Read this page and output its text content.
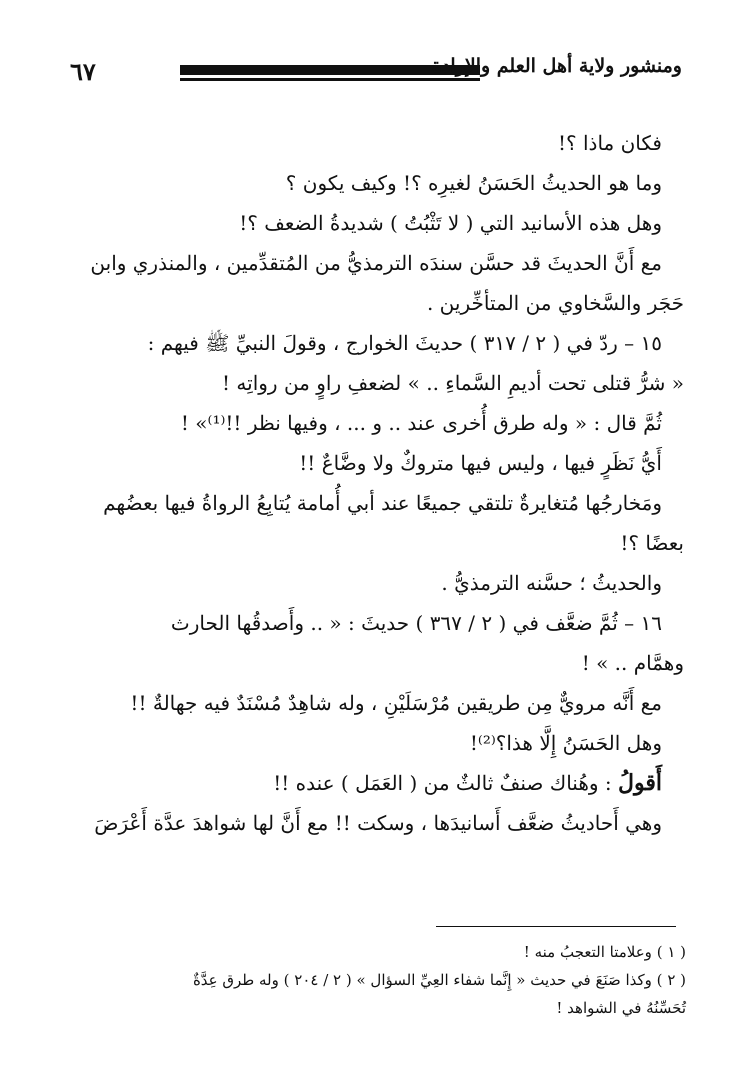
٦٧	ومنشور ولاية أهل العلم والإرادة
فكان ماذا ؟!
وما هو الحديثُ الحَسَنُ لغيرِه ؟! وكيف يكون ؟
وهل هذه الأسانيد التي ( لا تَثْبُتُ ) شديدةُ الضعف ؟!
مع أَنَّ الحديثَ قد حسَّن سندَه الترمذيُّ من المُتقدِّمين ، والمنذري وابن
حَجَر والسَّخاوي من المتأخِّرين .
١٥ – ردّ في ( ٢ / ٣١٧ ) حديثَ الخوارج ، وقولَ النبيِّ ﷺ فيهم :
« شرُّ قتلى تحت أديمِ السَّماءِ .. » لضعفِ راوٍ من رواتِه !
ثُمَّ قال : « وله طرق أُخرى عند .. و ... ، وفيها نظر !!⁽¹⁾» !
أَيُّ نَظَرٍ فيها ، وليس فيها متروكٌ ولا وضَّاعٌ !!
ومَخارجُها مُتغايرةٌ تلتقي جميعًا عند أبي أُمامة يُتابِعُ الرواةُ فيها بعضُهم
بعضًا ؟!
والحديثُ ؛ حسَّنه الترمذيُّ .
١٦ – ثُمَّ ضعَّف في ( ٢ / ٣٦٧ ) حديثَ : « .. وأَصدقُها الحارث
وهمَّام .. » !
مع أَنَّه مرويٌّ مِن طريقين مُرْسَلَيْنِ ، وله شاهِدٌ مُسْنَدٌ فيه جهالةٌ !!
وهل الحَسَنُ إِلَّا هذا؟⁽²⁾!
أَقولُ : وهُناك صنفٌ ثالثٌ من ( العَمَل ) عنده !!
وهي أَحاديثُ ضعَّف أَسانيدَها ، وسكت !! مع أَنَّ لها شواهدَ عدَّة أَعْرَضَ
( ١ ) وعلامتا التعجبُ منه !
( ٢ ) وكذا صَنَعَ في حديث « إِنَّما شفاء العِيِّ السؤال » ( ٢ / ٢٠٤ ) وله طرق عِدَّةٌ
تُحَسِّنُهُ في الشواهد !
